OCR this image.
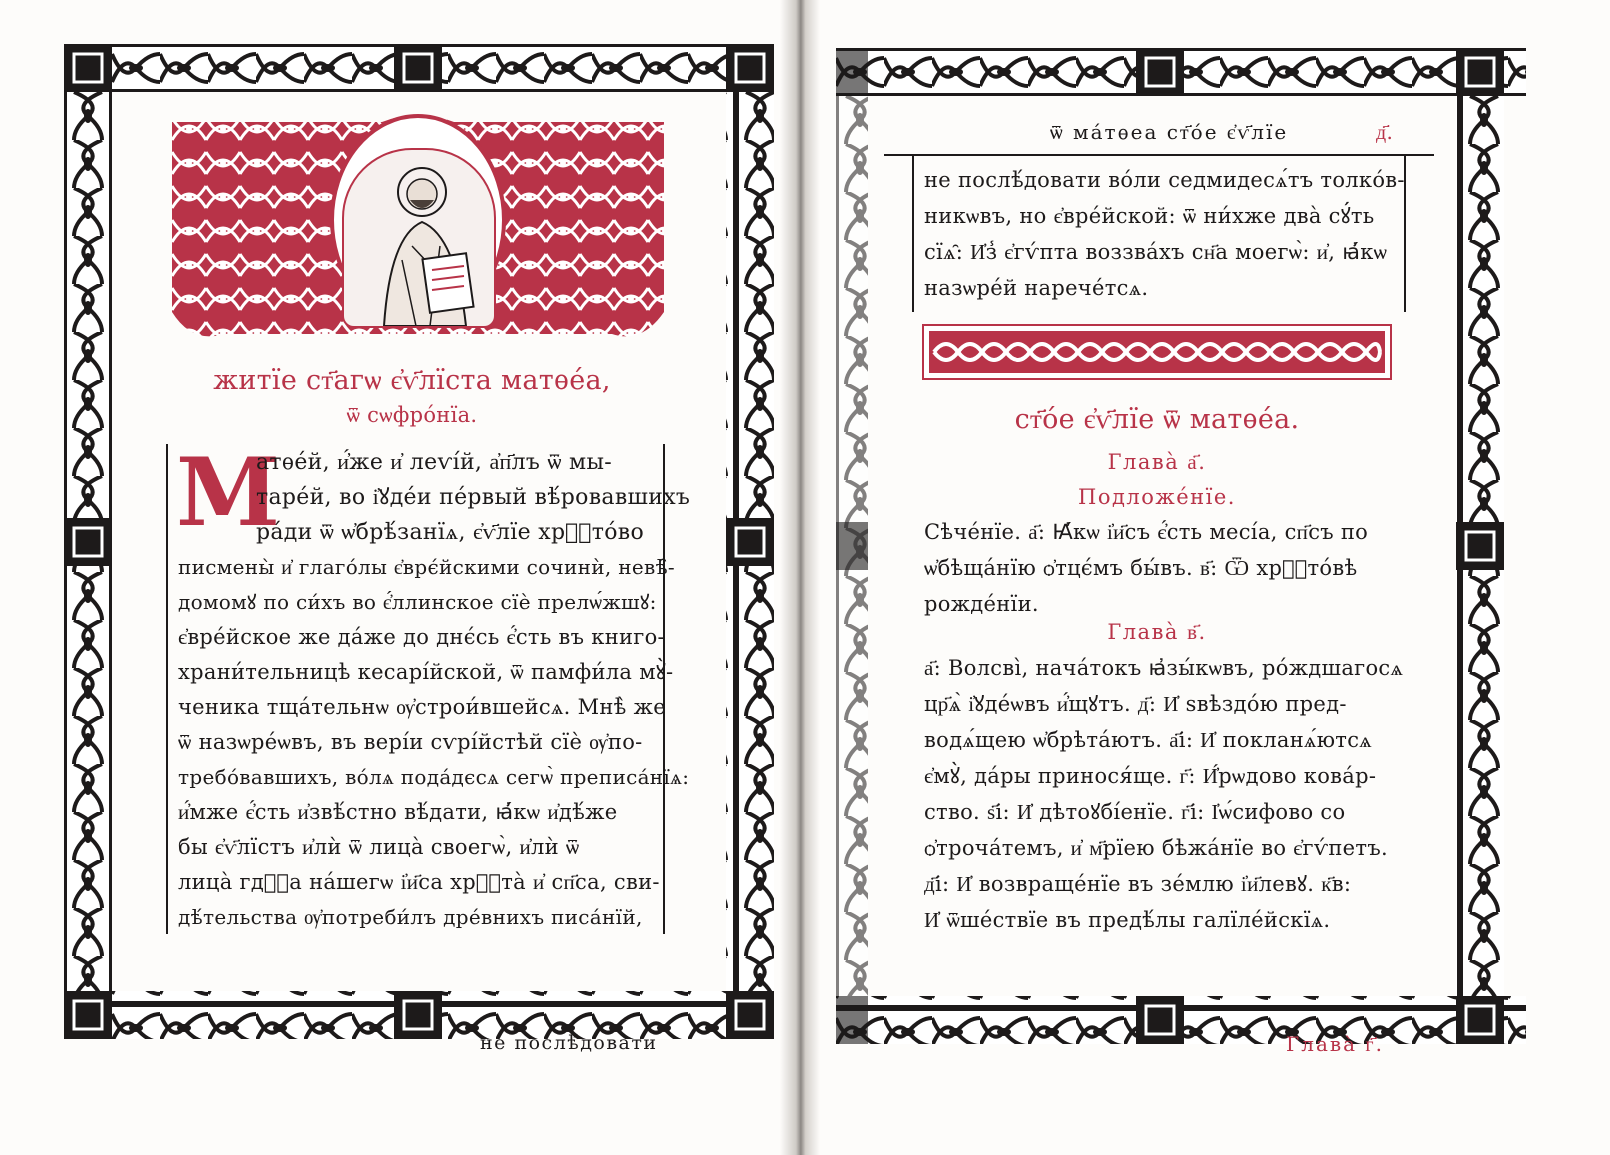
житїе ст҃агѡ є҆ѵ҃лїста матѳе́а,
ѿ сѡфро́нїа.
М
атѳе́й, и҆́же и҆ леѵі́й, а҆п҃лъ ѿ мы-
таре́й, во і҆ꙋде́и пе́рвый вѣ́ровавшихъ
ра́ди ѿ ѡ҆брѣ́занїѧ, є҆ѵ҃лїе хрⷭ҇то́во
писмены̀ и҆ глаго́лы є҆врє́йскими сочинѝ, невѣ̑-
домомꙋ по си́хъ во є҆́ллинское сїѐ прелѡ́жшꙋ:
є҆вре́йское же да́же до днє́сь є҆́сть въ книго-
храни́тельницѣ кесарі́йской, ѿ памфи́ла мꙋ̀-
ченика тща́тельнѡ ѹ҆строи́вшейсѧ. Мнѣ̀ же
ѿ назѡре́ѡвъ, въ вері́и сѵрі́йстѣй сїѐ ѹ҆по-
требо́вавшихъ, во́лѧ пода́дєсѧ сегѡ̀ преписа́нїѧ:
и҆́мже є҆́сть и҆звѣ́стно вѣ́дати, ꙗ҆́кѡ и҆дѣ́же
бы є҆ѵ҃лїстъ и҆лѝ ѿ лица̀ своегѡ̀, и҆лѝ ѿ
лица̀ гдⷭ҇а на́шегѡ і҆и҃са хрⷭ҇та̀ и҆ сп҃са, сви-
дѣ́тельства ѹ҆потреби́лъ дре́внихъ писа́нїй,
не послѣ́довати
ѿ ма́тѳеа ст҃о́е є҆ѵ҃лїе	д҃.
не послѣ́довати во́ли седмидесѧ́тъ толко́в-
никѡвъ, но є҆вре́йской: ѿ ни́хже два̀ сꙋ́ть
сїѧ̑: И҆з̾ є҆гѵ́пта воззва́хъ сн҃а моегѡ̀: и҆, ꙗ҆́кѡ
назѡре́й наречéтсѧ.
ст҃о́е є҆ѵ҃лїе ѿ матѳе́а.
Глава̀ а҃.
Подложе́нїе.
Сѣче́нїе. а҃: Ꙗ҆́кѡ і҆и҃съ є҆́сть месі́а, сп҃съ по
ѡ҆бѣща́нїю ѻ҆тцє́мъ бы́въ. в҃: Ѿ хрⷭ҇то́вѣ
рожде́нїи.
Глава̀ в҃.
а҃: Волсві̀, нача́токъ ꙗ҆зы́кѡвъ, ро́ждшагосѧ
цр҃ѧ̀ і҆ꙋде́ѡвъ и҆́щꙋтъ. д҃: И҆ ѕвѣздо́ю пред-
водѧ́щею ѡ҆брѣта́ютъ. а҃і: И҆ покланѧ́ютсѧ
є҆мꙋ̀, да́ры принося́ще. г҃: И҆́рѡдово кова́р-
ство. ѕ҃і: И҆ дѣтоꙋбі́енїе. г҃і: І҆ѡ́сифово со
ѻ҆трочáтемъ, и҆ м҃рїею бѣжа́нїе во є҆гѵ́петъ.
д҃і: И҆ возвраще́нїе въ зе́млю і҆и҃левꙋ. к҃в:
И҆ ѿше́ствїе въ предѣ́лы галїле́йскїѧ.
Глава̀ г҃.
